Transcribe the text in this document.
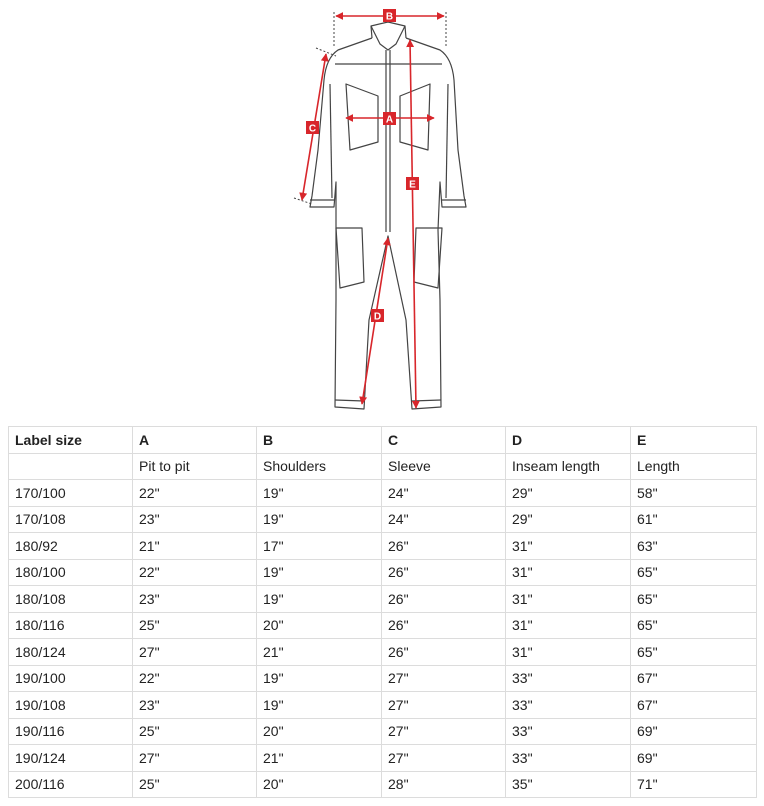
B
A
C
E
D
Label size	A	B	C	D	E
	Pit to pit	Shoulders	Sleeve	Inseam length	Length
170/100	22"	19"	24"	29"	58"
170/108	23"	19"	24"	29"	61"
180/92	21"	17"	26"	31"	63"
180/100	22"	19"	26"	31"	65"
180/108	23"	19"	26"	31"	65"
180/116	25"	20"	26"	31"	65"
180/124	27"	21"	26"	31"	65"
190/100	22"	19"	27"	33"	67"
190/108	23"	19"	27"	33"	67"
190/116	25"	20"	27"	33"	69"
190/124	27"	21"	27"	33"	69"
200/116	25"	20"	28"	35"	71"
